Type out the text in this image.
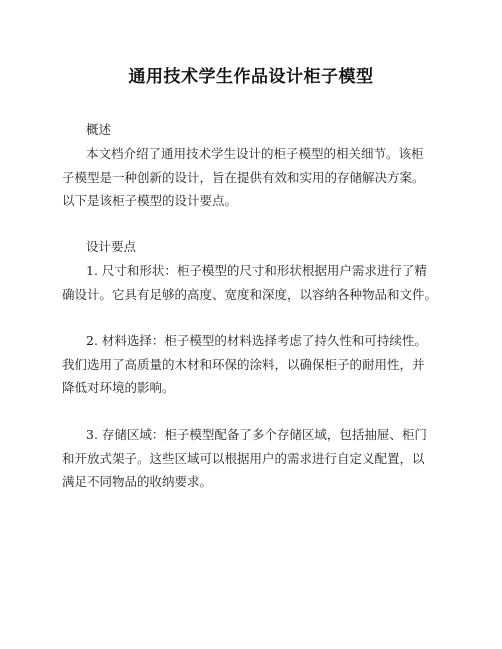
通用技术学生作品设计柜子模型
概述
本文档介绍了通用技术学生设计的柜子模型的相关细节。该柜
子模型是一种创新的设计，旨在提供有效和实用的存储解决方案。
以下是该柜子模型的设计要点。
设计要点
1. 尺寸和形状：柜子模型的尺寸和形状根据用户需求进行了精
确设计。它具有足够的高度、宽度和深度，以容纳各种物品和文件。
2. 材料选择：柜子模型的材料选择考虑了持久性和可持续性。
我们选用了高质量的木材和环保的涂料，以确保柜子的耐用性，并
降低对环境的影响。
3. 存储区域：柜子模型配备了多个存储区域，包括抽屉、柜门
和开放式架子。这些区域可以根据用户的需求进行自定义配置，以
满足不同物品的收纳要求。
